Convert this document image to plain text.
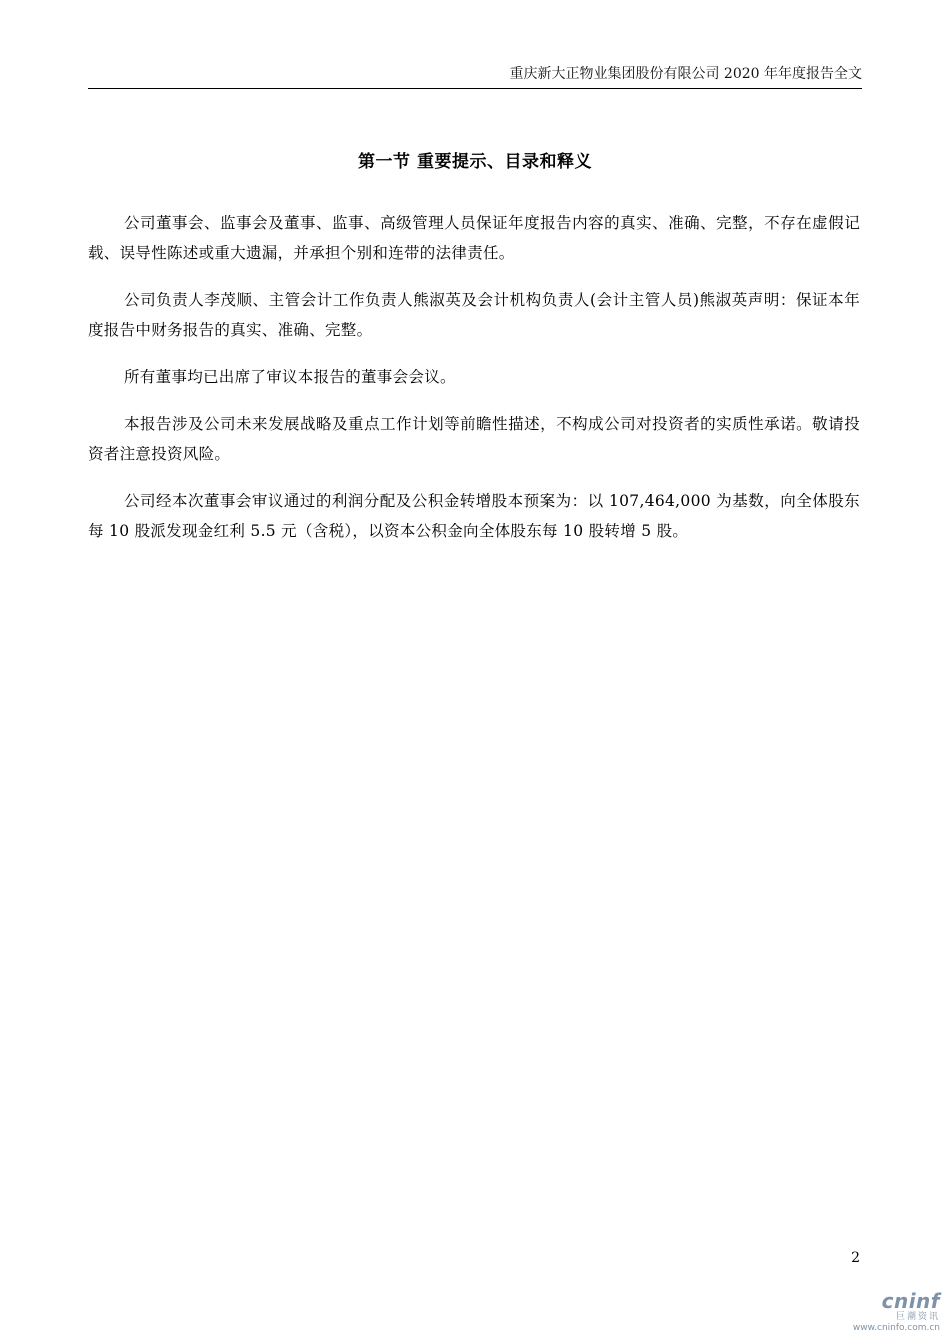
重庆新大正物业集团股份有限公司 2020 年年度报告全文
第一节 重要提示、目录和释义

公司董事会、监事会及董事、监事、高级管理人员保证年度报告内容的真实、准确、完整，不存在虚假记载、误导性陈述或重大遗漏，并承担个别和连带的法律责任。

公司负责人李茂顺、主管会计工作负责人熊淑英及会计机构负责人(会计主管人员)熊淑英声明：保证本年度报告中财务报告的真实、准确、完整。

所有董事均已出席了审议本报告的董事会会议。

本报告涉及公司未来发展战略及重点工作计划等前瞻性描述，不构成公司对投资者的实质性承诺。敬请投资者注意投资风险。

公司经本次董事会审议通过的利润分配及公积金转增股本预案为：以 107,464,000 为基数，向全体股东每 10 股派发现金红利 5.5 元（含税），以资本公积金向全体股东每 10 股转增 5 股。

2
cninf
巨潮资讯
www.cninfo.com.cn
